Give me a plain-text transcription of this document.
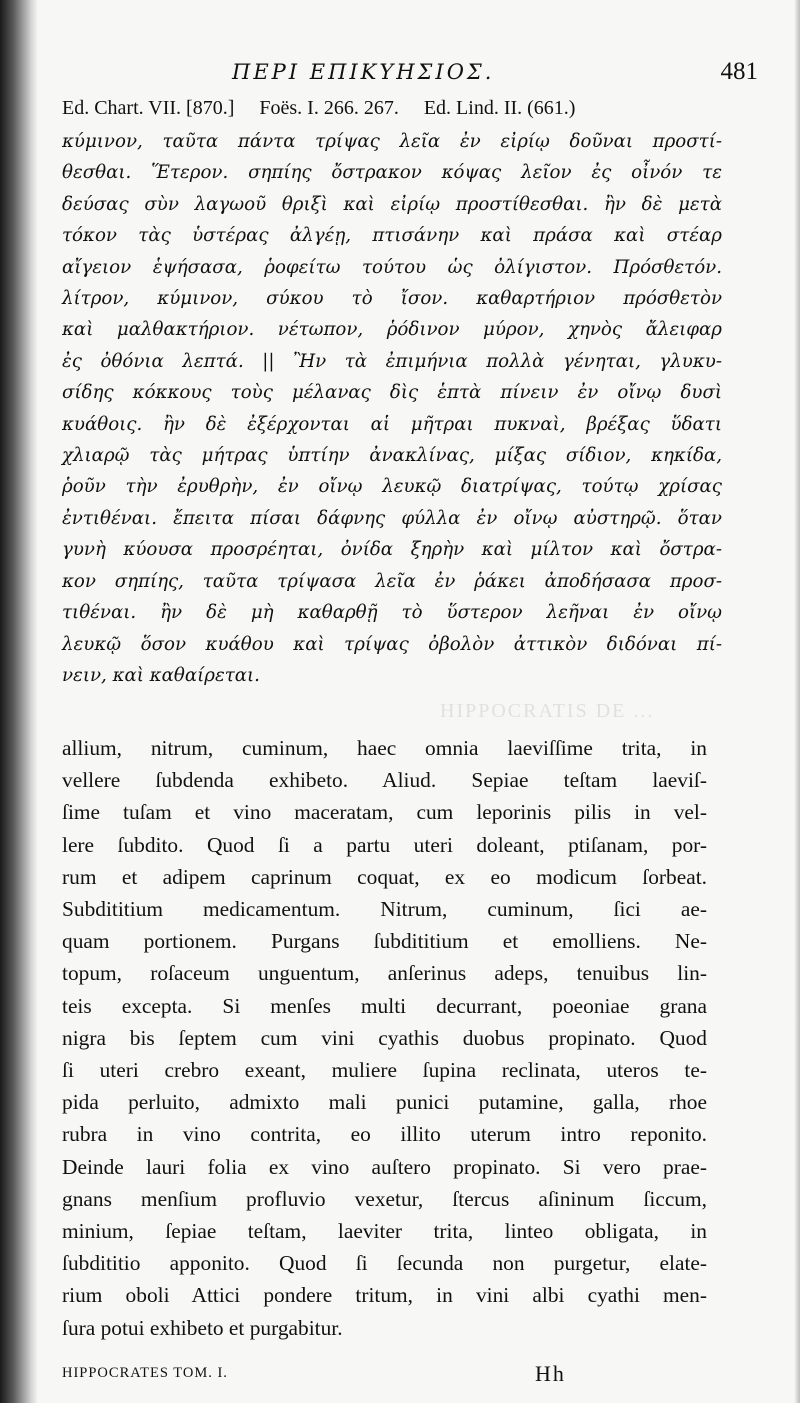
ΠΕΡΙ ΕΠΙΚΥΗΣΙΟΣ.	481
Ed. Chart. VII. [870.] Foës. I. 266. 267. Ed. Lind. II. (661.)
κύμινον, ταῦτα πάντα τρίψας λεῖα ἐν εἰρίῳ δοῦναι προστί-
θεσθαι. Ἕτερον. σηπίης ὄστρακον κόψας λεῖον ἐς οἶνόν τε
δεύσας σὺν λαγωοῦ θριξὶ καὶ εἰρίῳ προστίθεσθαι. ἢν δὲ μετὰ
τόκον τὰς ὑστέρας ἀλγέῃ, πτισάνην καὶ πράσα καὶ στέαρ
αἴγειον ἑψήσασα, ῥοφείτω τούτου ὡς ὀλίγιστον. Πρόσθετόν.
λίτρον, κύμινον, σύκου τὸ ἴσον. καθαρτήριον πρόσθετὸν
καὶ μαλθακτήριον. νέτωπον, ῥόδινον μύρον, χηνὸς ἄλειφαρ
ἐς ὀθόνια λεπτά. || Ἢν τὰ ἐπιμήνια πολλὰ γένηται, γλυκυ-
σίδης κόκκους τοὺς μέλανας δὶς ἑπτὰ πίνειν ἐν οἴνῳ δυσὶ
κυάθοις. ἢν δὲ ἐξέρχονται αἱ μῆτραι πυκναὶ, βρέξας ὕδατι
χλιαρῷ τὰς μήτρας ὑπτίην ἀνακλίνας, μίξας σίδιον, κηκίδα,
ῥοῦν τὴν ἐρυθρὴν, ἐν οἴνῳ λευκῷ διατρίψας, τούτῳ χρίσας
ἐντιθέναι. ἔπειτα πίσαι δάφνης φύλλα ἐν οἴνῳ αὐστηρῷ. ὅταν
γυνὴ κύουσα προσρέηται, ὀνίδα ξηρὴν καὶ μίλτον καὶ ὄστρα-
κον σηπίης, ταῦτα τρίψασα λεῖα ἐν ῥάκει ἀποδήσασα προσ-
τιθέναι. ἢν δὲ μὴ καθαρθῇ τὸ ὕστερον λεῆναι ἐν οἴνῳ
λευκῷ ὅσον κυάθου καὶ τρίψας ὀβολὸν ἀττικὸν διδόναι πί-
νειν, καὶ καθαίρεται.
HIPPOCRATIS DE ...
allium, nitrum, cuminum, haec omnia laeviſſime trita, in
vellere ſubdenda exhibeto. Aliud. Sepiae teſtam laeviſ-
ſime tuſam et vino maceratam, cum leporinis pilis in vel-
lere ſubdito. Quod ſi a partu uteri doleant, ptiſanam, por-
rum et adipem caprinum coquat, ex eo modicum ſorbeat.
Subdititium medicamentum. Nitrum, cuminum, ſici ae-
quam portionem. Purgans ſubdititium et emolliens. Ne-
topum, roſaceum unguentum, anſerinus adeps, tenuibus lin-
teis excepta. Si menſes multi decurrant, poeoniae grana
nigra bis ſeptem cum vini cyathis duobus propinato. Quod
ſi uteri crebro exeant, muliere ſupina reclinata, uteros te-
pida perluito, admixto mali punici putamine, galla, rhoe
rubra in vino contrita, eo illito uterum intro reponito.
Deinde lauri folia ex vino auſtero propinato. Si vero prae-
gnans menſium profluvio vexetur, ſtercus aſininum ſiccum,
minium, ſepiae teſtam, laeviter trita, linteo obligata, in
ſubdititio apponito. Quod ſi ſecunda non purgetur, elate-
rium oboli Attici pondere tritum, in vini albi cyathi men-
ſura potui exhibeto et purgabitur.
HIPPOCRATES TOM. I.	Hh
